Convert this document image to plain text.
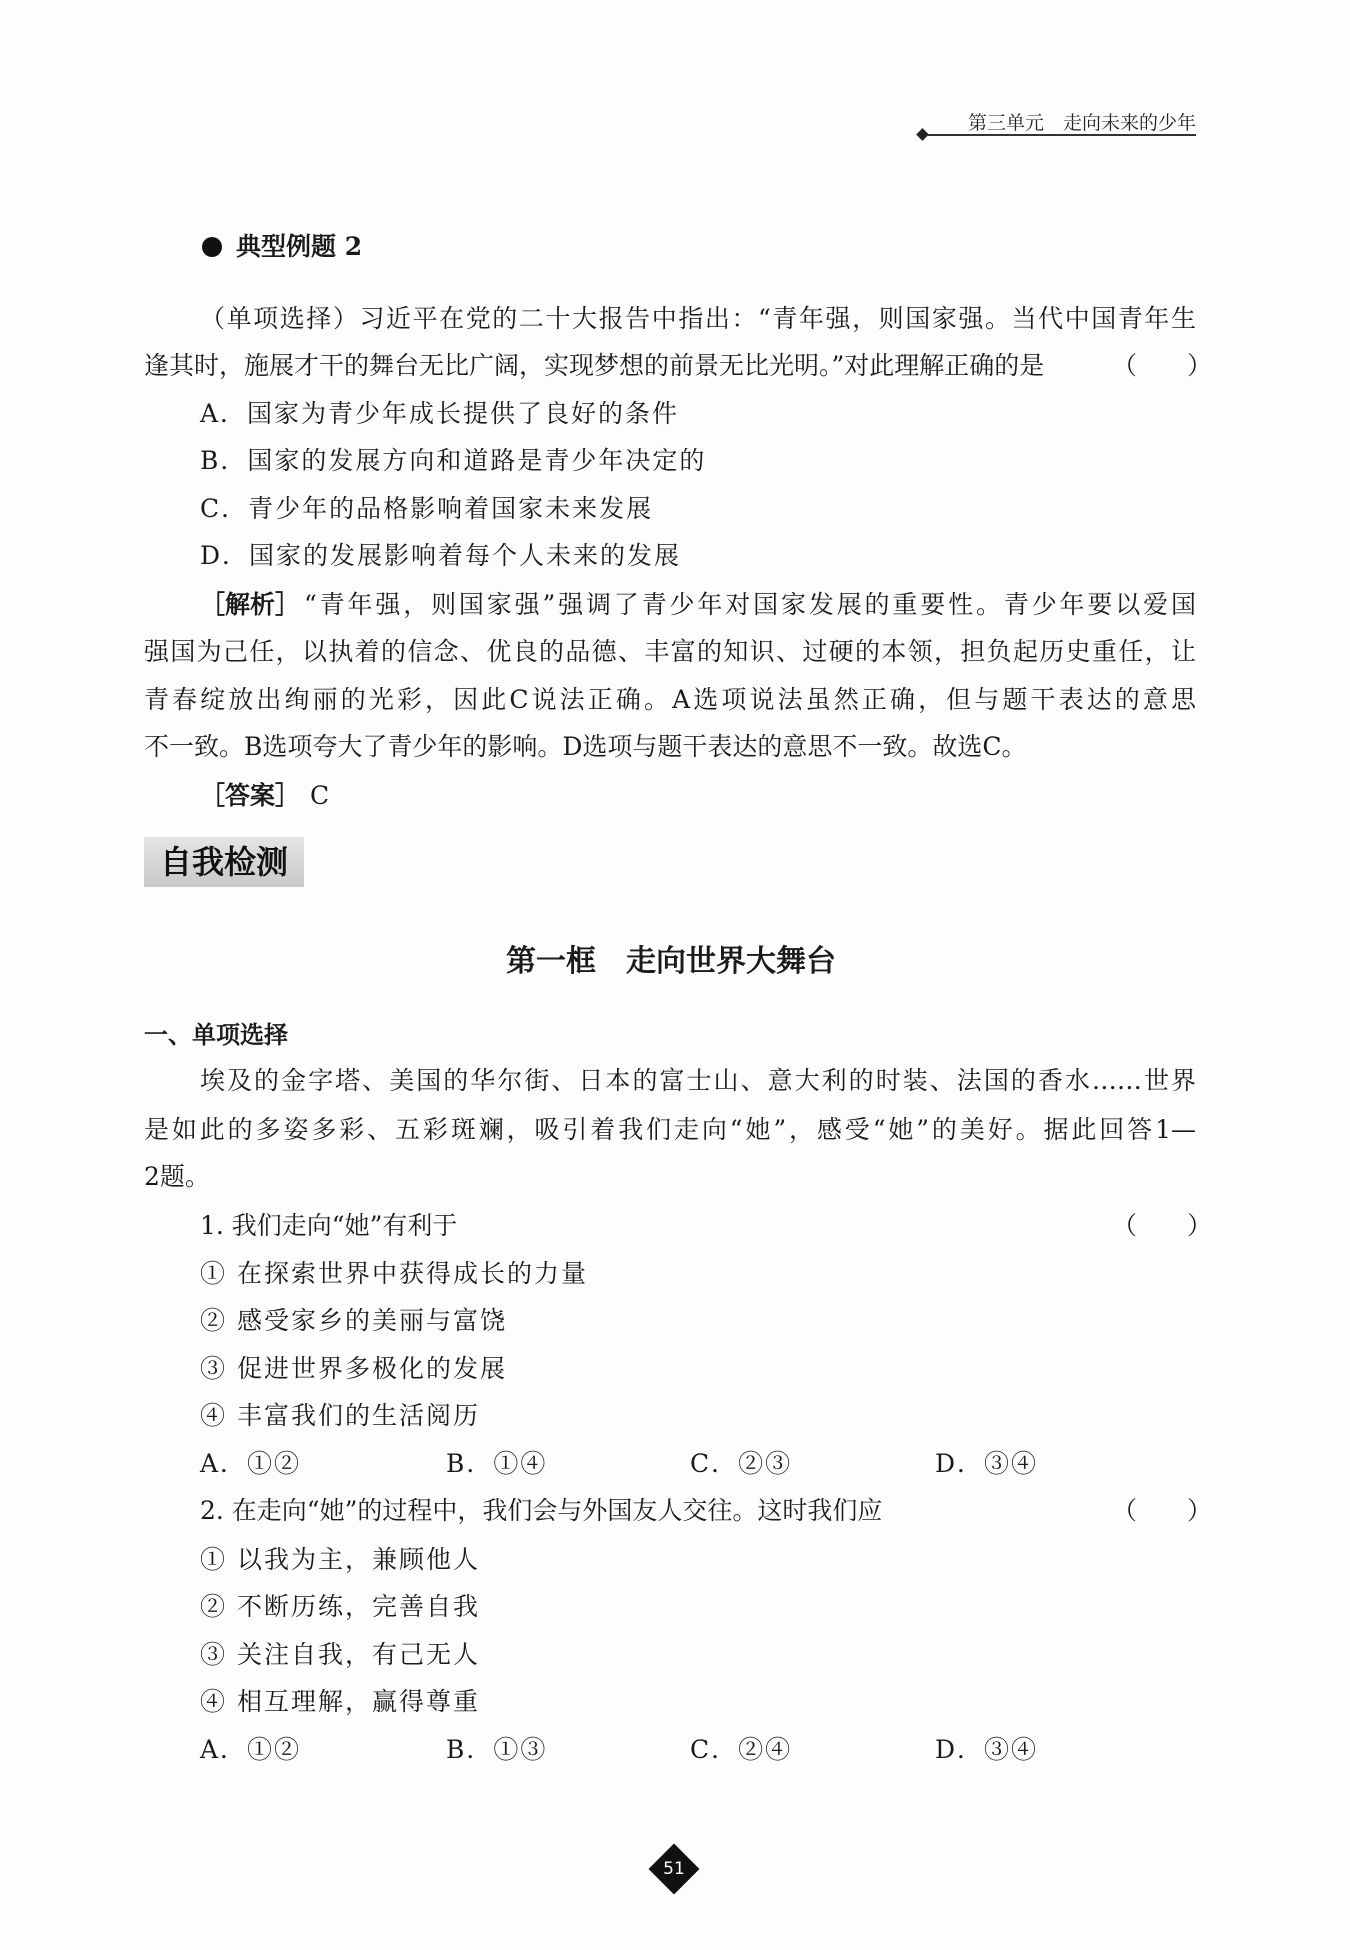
第三单元　走向未来的少年
典型例题 2
（单项选择）习近平在党的二十大报告中指出：“青年强，则国家强。当代中国青年生
逢其时，施展才干的舞台无比广阔，实现梦想的前景无比光明。”对此理解正确的是	（　　）
A．国家为青少年成长提供了良好的条件
B．国家的发展方向和道路是青少年决定的
C．青少年的品格影响着国家未来发展
D．国家的发展影响着每个人未来的发展
［解析］ “青年强，则国家强”强调了青少年对国家发展的重要性。青少年要以爱国
强国为己任，以执着的信念、优良的品德、丰富的知识、过硬的本领，担负起历史重任，让
青春绽放出绚丽的光彩，因此C说法正确。A选项说法虽然正确，但与题干表达的意思
不一致。B选项夸大了青少年的影响。D选项与题干表达的意思不一致。故选C。
［答案］ C
自我检测
第一框　走向世界大舞台
一、单项选择
埃及的金字塔、美国的华尔街、日本的富士山、意大利的时装、法国的香水……世界
是如此的多姿多彩、五彩斑斓，吸引着我们走向“她”，感受“她”的美好。据此回答1—
2题。
1. 我们走向“她”有利于	（　　）
① 在探索世界中获得成长的力量
② 感受家乡的美丽与富饶
③ 促进世界多极化的发展
④ 丰富我们的生活阅历
A．①②	B．①④	C．②③	D．③④
2. 在走向“她”的过程中，我们会与外国友人交往。这时我们应	（　　）
① 以我为主，兼顾他人
② 不断历练，完善自我
③ 关注自我，有己无人
④ 相互理解，赢得尊重
A．①②	B．①③	C．②④	D．③④
51
